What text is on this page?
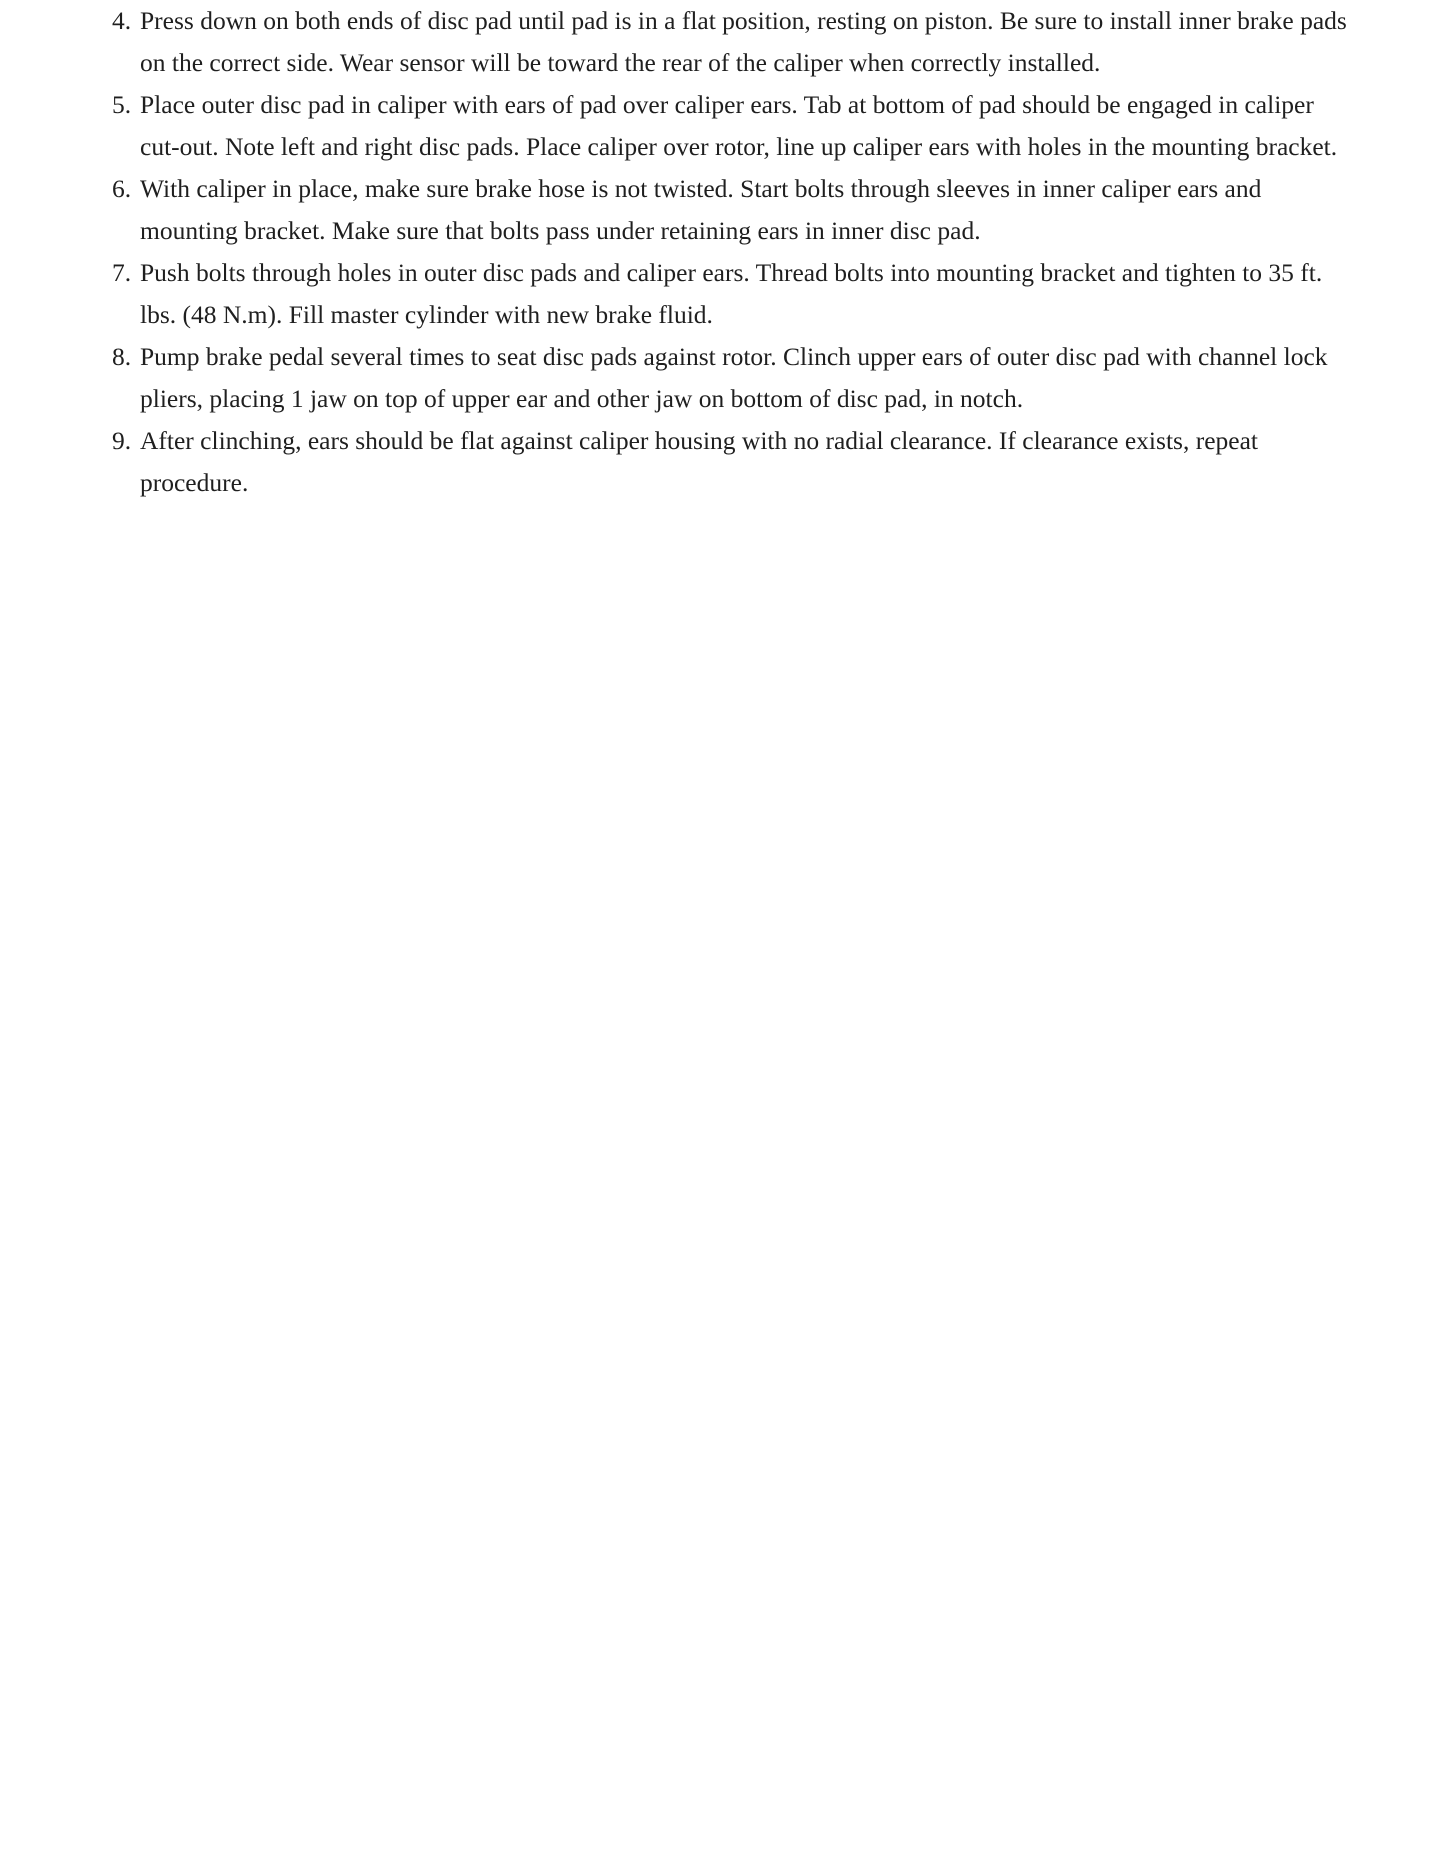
4. Press down on both ends of disc pad until pad is in a flat position, resting on piston. Be sure to install inner brake pads on the correct side. Wear sensor will be toward the rear of the caliper when correctly installed.
5. Place outer disc pad in caliper with ears of pad over caliper ears. Tab at bottom of pad should be engaged in caliper cut-out. Note left and right disc pads. Place caliper over rotor, line up caliper ears with holes in the mounting bracket.
6. With caliper in place, make sure brake hose is not twisted. Start bolts through sleeves in inner caliper ears and mounting bracket. Make sure that bolts pass under retaining ears in inner disc pad.
7. Push bolts through holes in outer disc pads and caliper ears. Thread bolts into mounting bracket and tighten to 35 ft. lbs. (48 N.m). Fill master cylinder with new brake fluid.
8. Pump brake pedal several times to seat disc pads against rotor. Clinch upper ears of outer disc pad with channel lock pliers, placing 1 jaw on top of upper ear and other jaw on bottom of disc pad, in notch.
9. After clinching, ears should be flat against caliper housing with no radial clearance. If clearance exists, repeat procedure.
